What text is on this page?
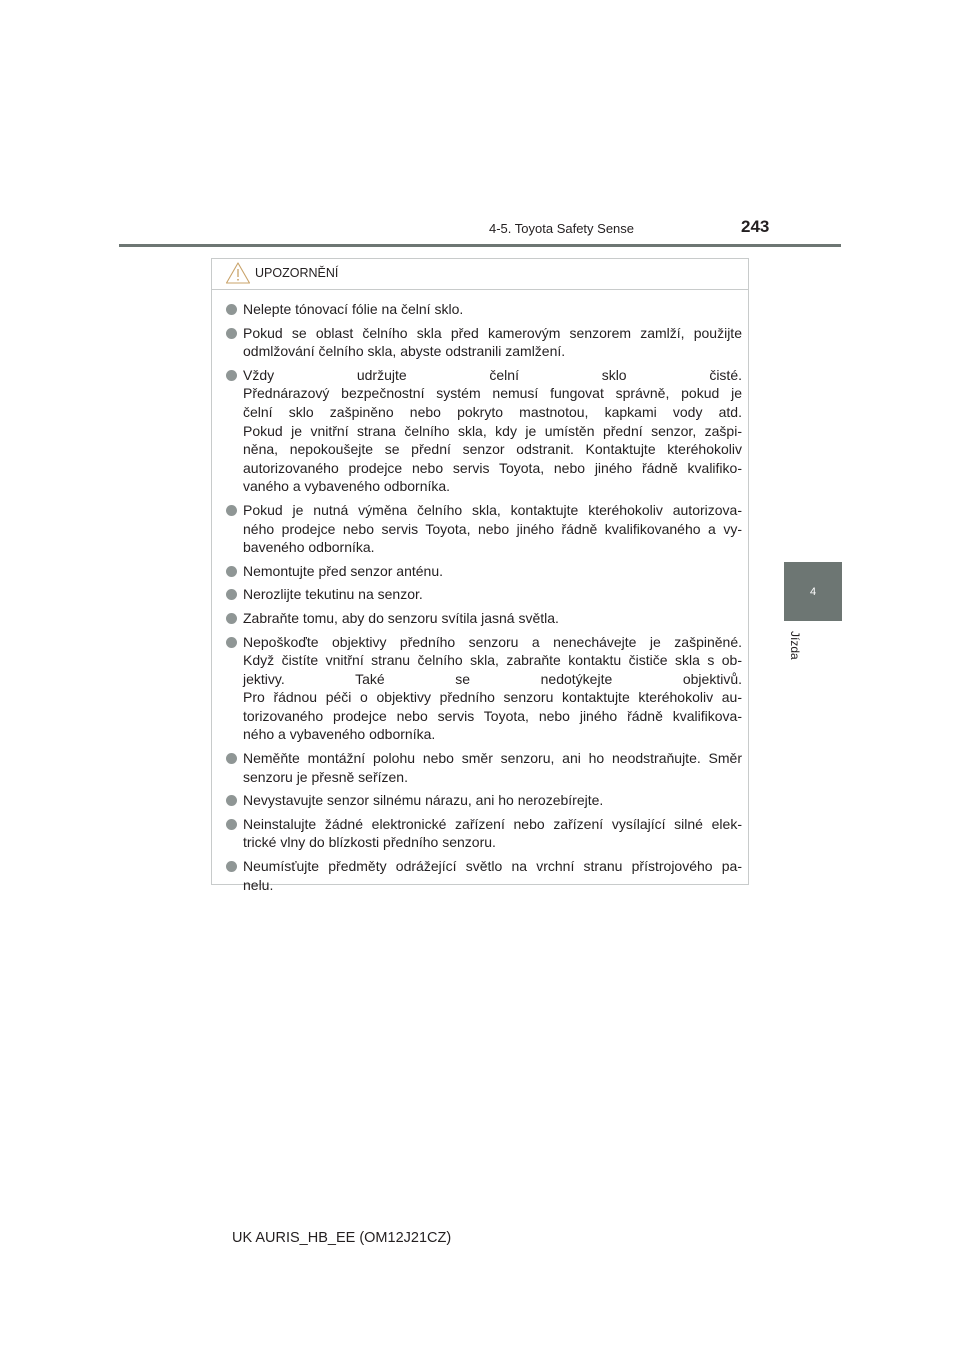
4-5. Toyota Safety Sense	243
4
Jízda
UPOZORNĚNÍ
Nelepte tónovací fólie na čelní sklo.
Pokud se oblast čelního skla před kamerovým senzorem zamlží, použijte
odmlžování čelního skla, abyste odstranili zamlžení.
Vždy udržujte čelní sklo čisté.
Přednárazový bezpečnostní systém nemusí fungovat správně, pokud je
čelní sklo zašpiněno nebo pokryto mastnotou, kapkami vody atd.
Pokud je vnitřní strana čelního skla, kdy je umístěn přední senzor, zašpi-
něna, nepokoušejte se přední senzor odstranit. Kontaktujte kteréhokoliv
autorizovaného prodejce nebo servis Toyota, nebo jiného řádně kvalifiko-
vaného a vybaveného odborníka.
Pokud je nutná výměna čelního skla, kontaktujte kteréhokoliv autorizova-
ného prodejce nebo servis Toyota, nebo jiného řádně kvalifikovaného a vy-
baveného odborníka.
Nemontujte před senzor anténu.
Nerozlijte tekutinu na senzor.
Zabraňte tomu, aby do senzoru svítila jasná světla.
Nepoškoďte objektivy předního senzoru a nenechávejte je zašpiněné.
Když čistíte vnitřní stranu čelního skla, zabraňte kontaktu čističe skla s ob-
jektivy. Také se nedotýkejte objektivů.
Pro řádnou péči o objektivy předního senzoru kontaktujte kteréhokoliv au-
torizovaného prodejce nebo servis Toyota, nebo jiného řádně kvalifikova-
ného a vybaveného odborníka.
Neměňte montážní polohu nebo směr senzoru, ani ho neodstraňujte. Směr
senzoru je přesně seřízen.
Nevystavujte senzor silnému nárazu, ani ho nerozebírejte.
Neinstalujte žádné elektronické zařízení nebo zařízení vysílající silné elek-
trické vlny do blízkosti předního senzoru.
Neumísťujte předměty odrážející světlo na vrchní stranu přístrojového pa-
nelu.
UK AURIS_HB_EE (OM12J21CZ)
